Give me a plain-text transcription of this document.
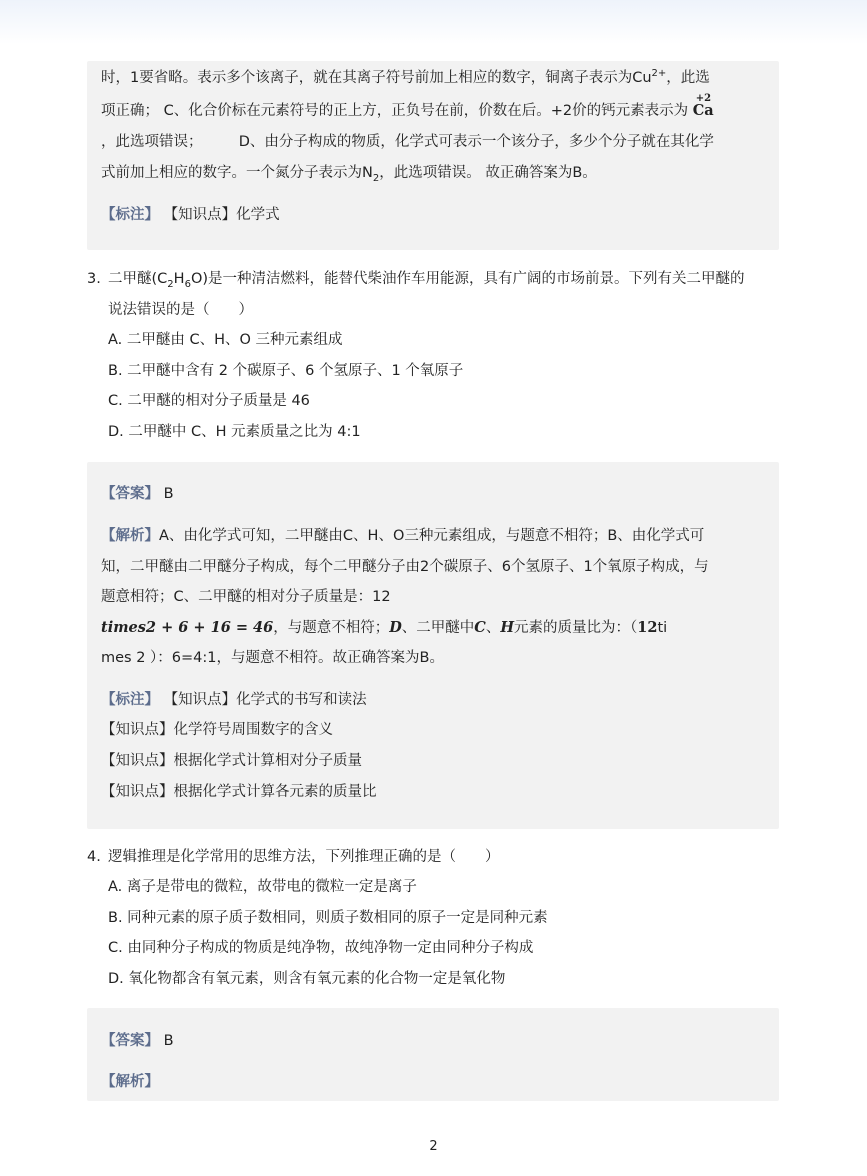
时，1要省略。表示多个该离子，就在其离子符号前加上相应的数字，铜离子表示为$Cu^{2+}$，此选
项正确； C、化合价标在元素符号的正上方，正负号在前，价数在后。+2价的钙元素表示为
+2
Ca
，此选项错误；　　　D、由分子构成的物质，化学式可表示一个该分子，多少个分子就在其化学
式前加上相应的数字。一个氮分子表示为$N_2$，此选项错误。 故正确答案为B。
【标注】 【知识点】化学式
3. 二甲醚$(C_2H_6O)$是一种清洁燃料，能替代柴油作车用能源，具有广阔的市场前景。下列有关二甲醚的
说法错误的是（　　）
A. 二甲醚由 C、H、O 三种元素组成
B. 二甲醚中含有 2 个碳原子、6 个氢原子、1 个氧原子
C. 二甲醚的相对分子质量是 46
D. 二甲醚中 C、H 元素质量之比为 4:1
【答案】 B
【解析】A、由化学式可知，二甲醚由C、H、O三种元素组成，与题意不相符；B、由化学式可
知，二甲醚由二甲醚分子构成，每个二甲醚分子由2个碳原子、6个氢原子、1个氧原子构成，与
题意相符；C、二甲醚的相对分子质量是：12
times2 + 6 + 16 = 46，与题意不相符；D、二甲醚中C、H元素的质量比为：（12ti
mes 2 ）：6=4:1，与题意不相符。故正确答案为B。
【标注】 【知识点】化学式的书写和读法
【知识点】化学符号周围数字的含义
【知识点】根据化学式计算相对分子质量
【知识点】根据化学式计算各元素的质量比
4. 逻辑推理是化学常用的思维方法，下列推理正确的是（　　）
A. 离子是带电的微粒，故带电的微粒一定是离子
B. 同种元素的原子质子数相同，则质子数相同的原子一定是同种元素
C. 由同种分子构成的物质是纯净物，故纯净物一定由同种分子构成
D. 氧化物都含有氧元素，则含有氧元素的化合物一定是氧化物
【答案】 B
【解析】
2
